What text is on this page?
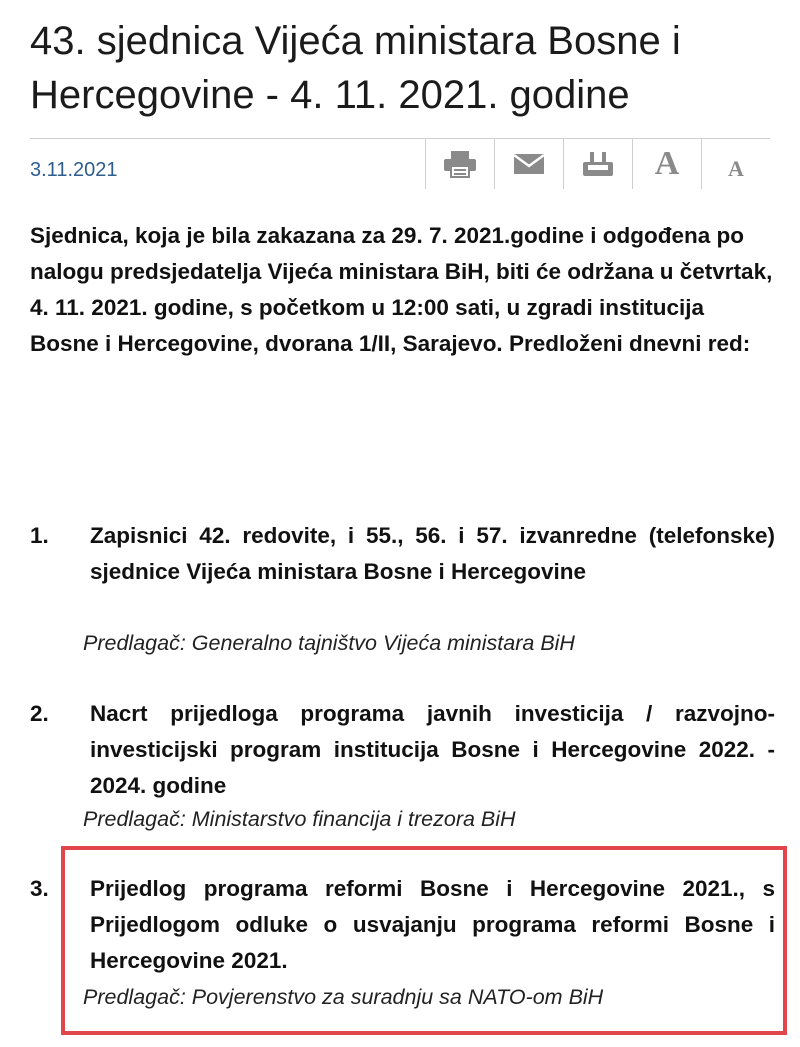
43. sjednica Vijeća ministara Bosne i Hercegovine - 4. 11. 2021. godine
3.11.2021	A A

Sjednica, koja je bila zakazana za 29. 7. 2021.godine i odgođena po nalogu predsjedatelja Vijeća ministara BiH, biti će održana u četvrtak, 4. 11. 2021. godine, s početkom u 12:00 sati, u zgradi institucija Bosne i Hercegovine, dvorana 1/II, Sarajevo. Predloženi dnevni red:

1. Zapisnici 42. redovite, i 55., 56. i 57. izvanredne (telefonske) sjednice Vijeća ministara Bosne i Hercegovine

Predlagač: Generalno tajništvo Vijeća ministara BiH
2. Nacrt prijedloga programa javnih investicija / razvojno-investicijski program institucija Bosne i Hercegovine 2022. - 2024. godine

Predlagač: Ministarstvo financija i trezora BiH
3. Prijedlog programa reformi Bosne i Hercegovine 2021., s Prijedlogom odluke o usvajanju programa reformi Bosne i Hercegovine 2021.

Predlagač: Povjerenstvo za suradnju sa NATO-om BiH
